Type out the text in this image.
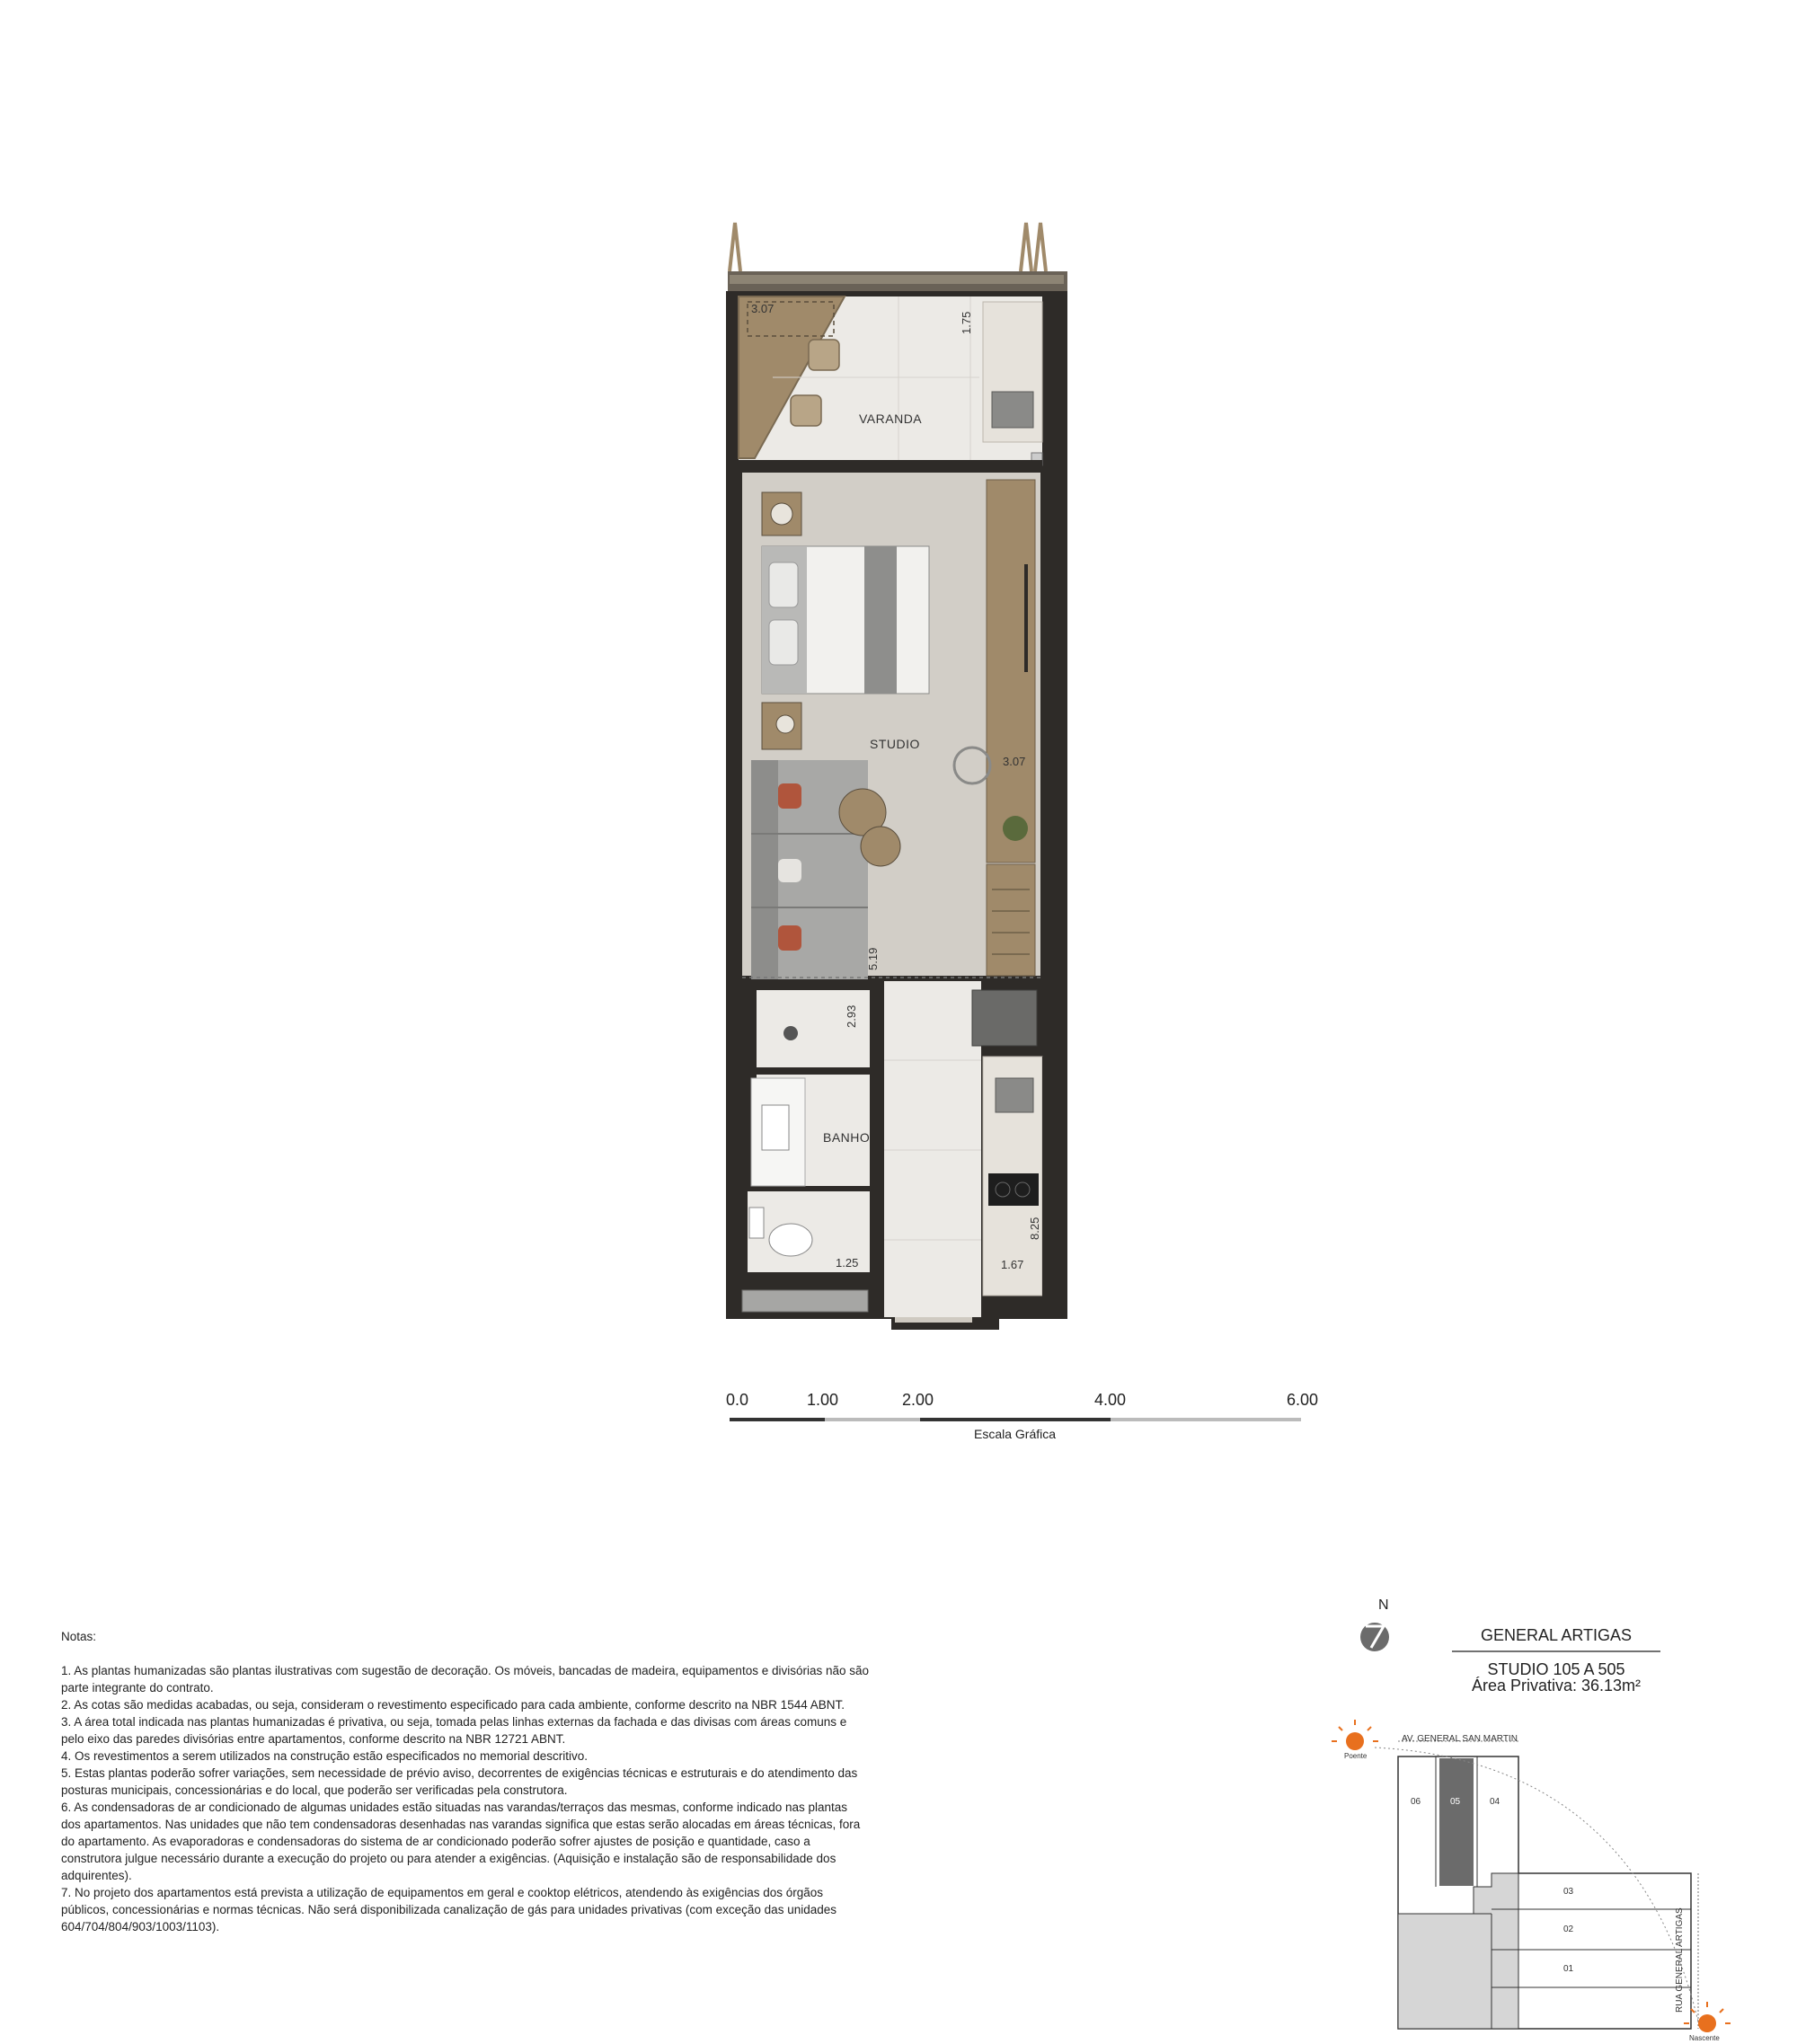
VARANDA
STUDIO
BANHO
3.07
1.75
3.07
5.19
2.93
8.25
1.25	1.67
0.0	1.00	2.00	4.00	6.00
Escala Gráfica

Notas:

1. As plantas humanizadas são plantas ilustrativas com sugestão de decoração. Os móveis, bancadas de madeira, equipamentos e divisórias não são parte integrante do contrato.

2. As cotas são medidas acabadas, ou seja, consideram o revestimento especificado para cada ambiente, conforme descrito na NBR 1544 ABNT.

3. A área total indicada nas plantas humanizadas é privativa, ou seja, tomada pelas linhas externas da fachada e das divisas com áreas comuns e pelo eixo das paredes divisórias entre apartamentos, conforme descrito na NBR 12721 ABNT.

4. Os revestimentos a serem utilizados na construção estão especificados no memorial descritivo.

5. Estas plantas poderão sofrer variações, sem necessidade de prévio aviso, decorrentes de exigências técnicas e estruturais e do atendimento das posturas municipais, concessionárias e do local, que poderão ser verificadas pela construtora.

6. As condensadoras de ar condicionado de algumas unidades estão situadas nas varandas/terraços das mesmas, conforme indicado nas plantas dos apartamentos. Nas unidades que não tem condensadoras desenhadas nas varandas significa que estas serão alocadas em áreas técnicas, fora do apartamento. As evaporadoras e condensadoras do sistema de ar condicionado poderão sofrer ajustes de posição e quantidade, caso a construtora julgue necessário durante a execução do projeto ou para atender a exigências. (Aquisição e instalação são de responsabilidade dos adquirentes).

7. No projeto dos apartamentos está prevista a utilização de equipamentos em geral e cooktop elétricos, atendendo às exigências dos órgãos públicos, concessionárias e normas técnicas. Não será disponibilizada canalização de gás para unidades privativas (com exceção das unidades 604/704/804/903/1003/1103).

N
GENERAL ARTIGAS
STUDIO 105 A 505
Área Privativa: 36.13m²
AV. GENERAL SAN MARTIN
RUA GENERAL ARTIGAS
Poente
Nascente
06	05	04
03
02
01
